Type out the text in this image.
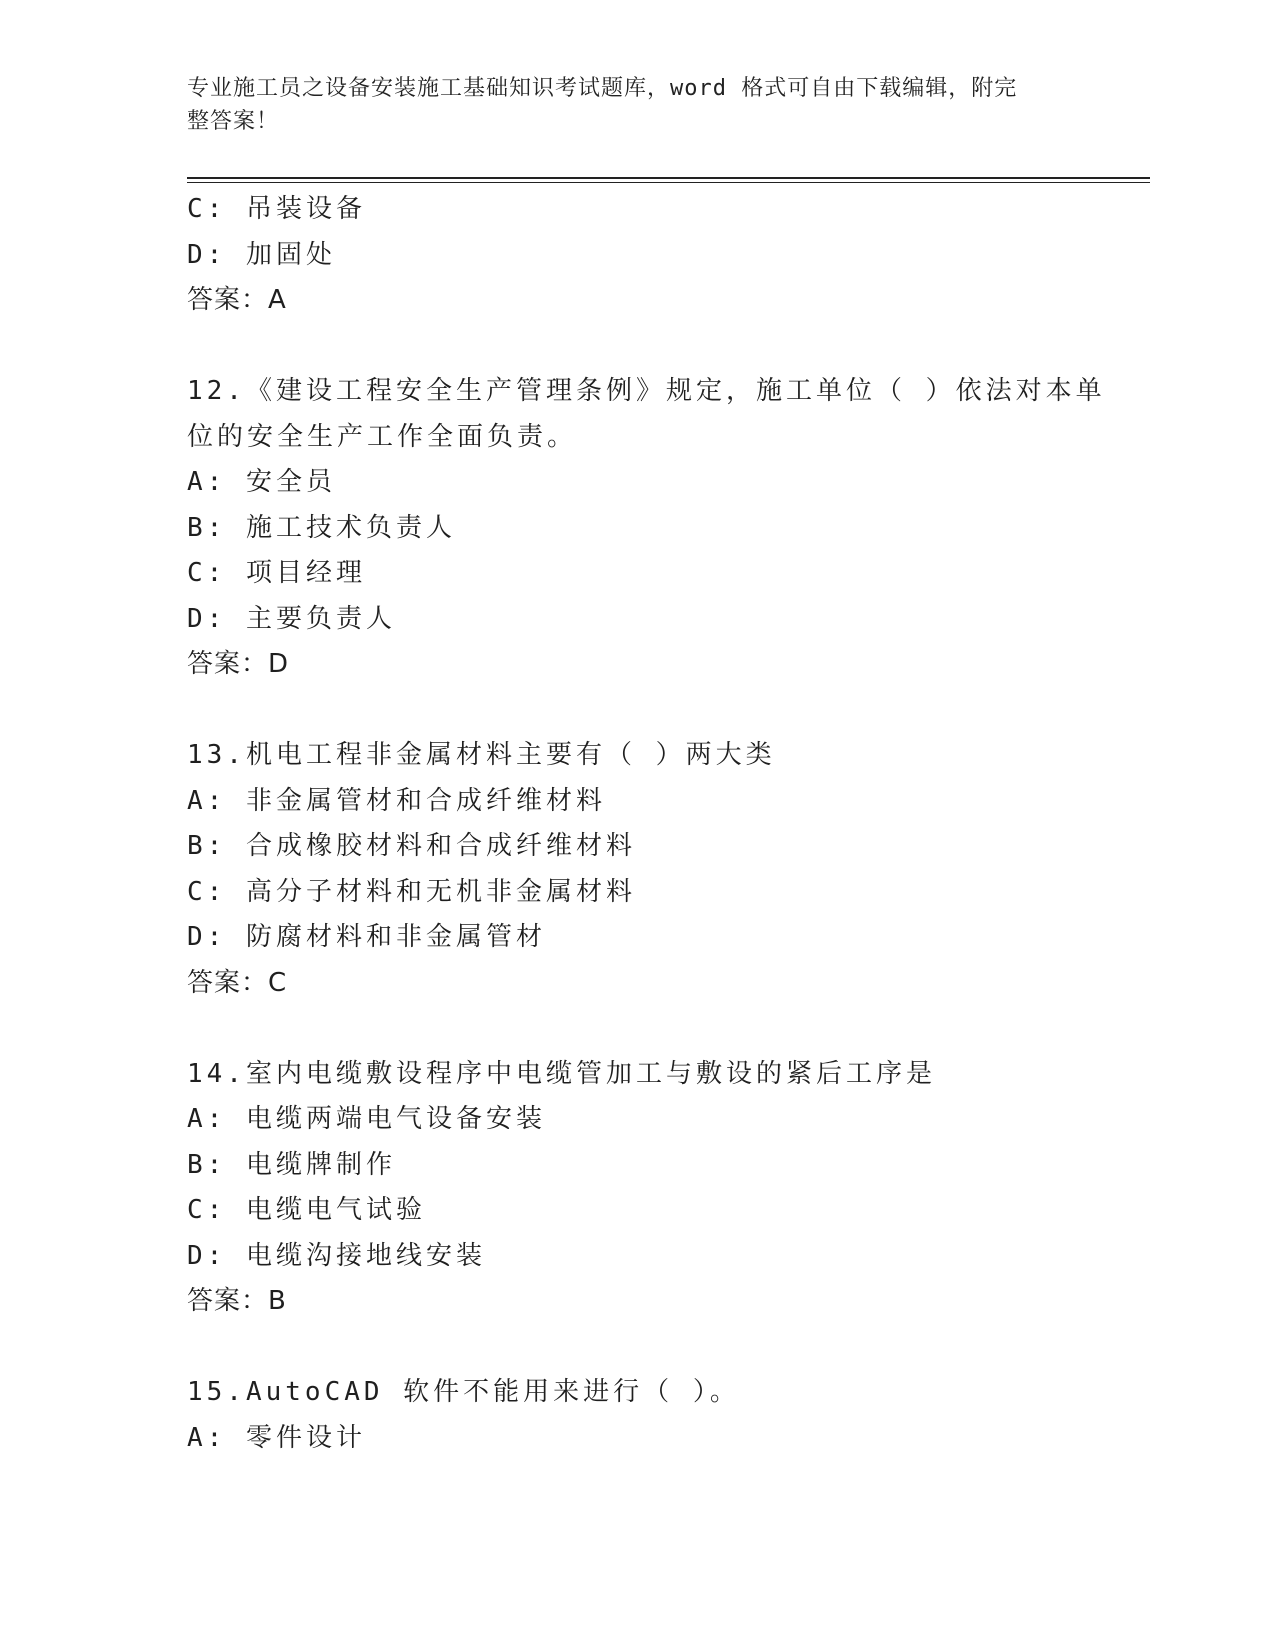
专业施工员之设备安装施工基础知识考试题库，word 格式可自由下载编辑，附完
整答案！
C: 吊装设备
D: 加固处
答案：A
12.《建设工程安全生产管理条例》规定，施工单位（ ）依法对本单
位的安全生产工作全面负责。
A: 安全员
B: 施工技术负责人
C: 项目经理
D: 主要负责人
答案：D
13.机电工程非金属材料主要有（ ）两大类
A: 非金属管材和合成纤维材料
B: 合成橡胶材料和合成纤维材料
C: 高分子材料和无机非金属材料
D: 防腐材料和非金属管材
答案：C
14.室内电缆敷设程序中电缆管加工与敷设的紧后工序是
A: 电缆两端电气设备安装
B: 电缆牌制作
C: 电缆电气试验
D: 电缆沟接地线安装
答案：B
15.AutoCAD 软件不能用来进行（ ）。
A: 零件设计
